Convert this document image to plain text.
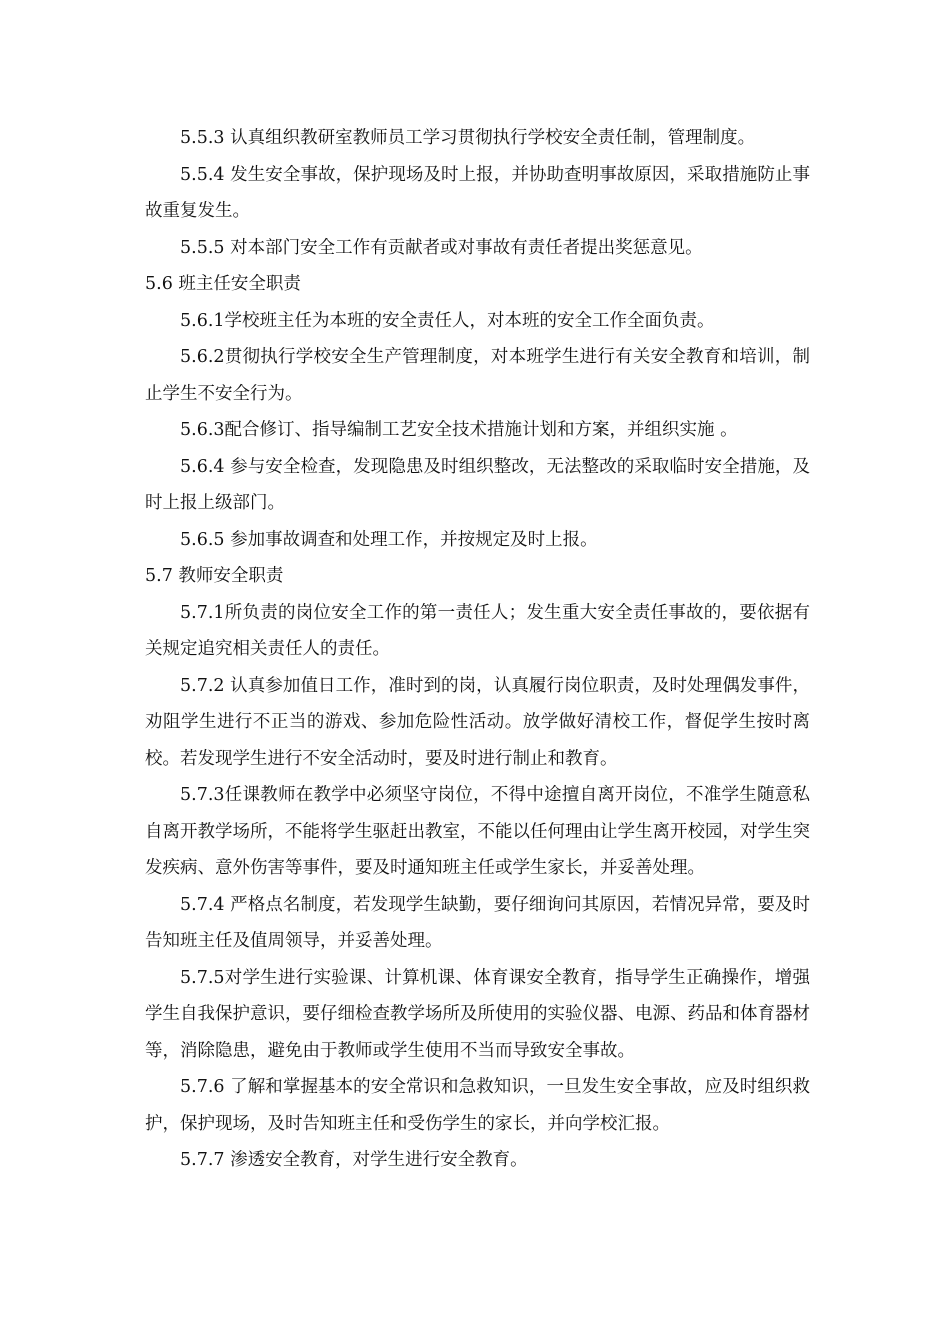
5.5.3 认真组织教研室教师员工学习贯彻执行学校安全责任制，管理制度。

5.5.4 发生安全事故，保护现场及时上报，并协助查明事故原因，采取措施防止事故重复发生。

5.5.5 对本部门安全工作有贡献者或对事故有责任者提出奖惩意见。

5.6 班主任安全职责

5.6.1学校班主任为本班的安全责任人，对本班的安全工作全面负责。

5.6.2贯彻执行学校安全生产管理制度，对本班学生进行有关安全教育和培训，制止学生不安全行为。

5.6.3配合修订、指导编制工艺安全技术措施计划和方案，并组织实施 。

5.6.4 参与安全检查，发现隐患及时组织整改，无法整改的采取临时安全措施，及时上报上级部门。

5.6.5 参加事故调查和处理工作，并按规定及时上报。

5.7 教师安全职责

5.7.1所负责的岗位安全工作的第一责任人；发生重大安全责任事故的，要依据有关规定追究相关责任人的责任。

5.7.2 认真参加值日工作，准时到的岗，认真履行岗位职责，及时处理偶发事件，劝阻学生进行不正当的游戏、参加危险性活动。放学做好清校工作，督促学生按时离校。若发现学生进行不安全活动时，要及时进行制止和教育。

5.7.3任课教师在教学中必须坚守岗位，不得中途擅自离开岗位，不准学生随意私自离开教学场所，不能将学生驱赶出教室，不能以任何理由让学生离开校园，对学生突发疾病、意外伤害等事件，要及时通知班主任或学生家长，并妥善处理。

5.7.4 严格点名制度，若发现学生缺勤，要仔细询问其原因，若情况异常，要及时告知班主任及值周领导，并妥善处理。

5.7.5对学生进行实验课、计算机课、体育课安全教育，指导学生正确操作，增强学生自我保护意识，要仔细检查教学场所及所使用的实验仪器、电源、药品和体育器材等，消除隐患，避免由于教师或学生使用不当而导致安全事故。

5.7.6 了解和掌握基本的安全常识和急救知识，一旦发生安全事故，应及时组织救护，保护现场，及时告知班主任和受伤学生的家长，并向学校汇报。

5.7.7 渗透安全教育，对学生进行安全教育。
